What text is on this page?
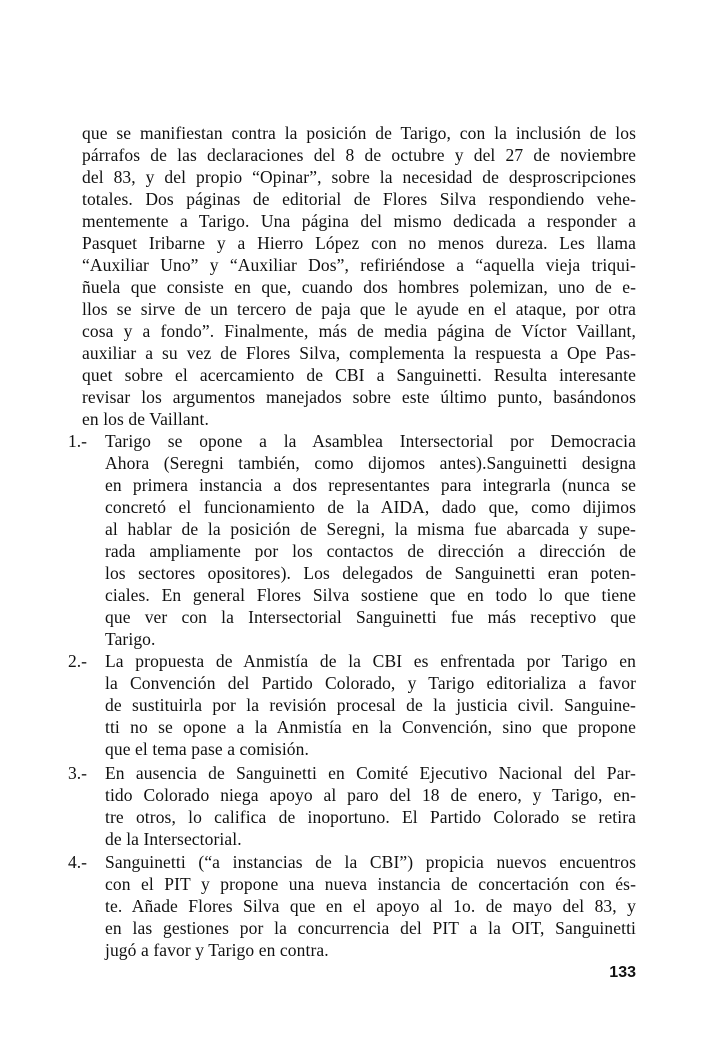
que se manifiestan contra la posición de Tarigo, con la inclusión de los
párrafos de las declaraciones del 8 de octubre y del 27 de noviembre
del 83, y del propio “Opinar”, sobre la necesidad de desproscripciones
totales. Dos páginas de editorial de Flores Silva respondiendo vehe-
mentemente a Tarigo. Una página del mismo dedicada a responder a
Pasquet Iribarne y a Hierro López con no menos dureza. Les llama
“Auxiliar Uno” y “Auxiliar Dos”, refiriéndose a “aquella vieja triqui-
ñuela que consiste en que, cuando dos hombres polemizan, uno de e-
llos se sirve de un tercero de paja que le ayude en el ataque, por otra
cosa y a fondo”. Finalmente, más de media página de Víctor Vaillant,
auxiliar a su vez de Flores Silva, complementa la respuesta a Ope Pas-
quet sobre el acercamiento de CBI a Sanguinetti. Resulta interesante
revisar los argumentos manejados sobre este último punto, basándonos
en los de Vaillant.
1.- Tarigo se opone a la Asamblea Intersectorial por Democracia
Ahora (Seregni también, como dijomos antes).Sanguinetti designa
en primera instancia a dos representantes para integrarla (nunca se
concretó el funcionamiento de la AIDA, dado que, como dijimos
al hablar de la posición de Seregni, la misma fue abarcada y supe-
rada ampliamente por los contactos de dirección a dirección de
los sectores opositores). Los delegados de Sanguinetti eran poten-
ciales. En general Flores Silva sostiene que en todo lo que tiene
que ver con la Intersectorial Sanguinetti fue más receptivo que
Tarigo.
2.- La propuesta de Anmistía de la CBI es enfrentada por Tarigo en
la Convención del Partido Colorado, y Tarigo editorializa a favor
de sustituirla por la revisión procesal de la justicia civil. Sanguine-
tti no se opone a la Anmistía en la Convención, sino que propone
que el tema pase a comisión.
3.- En ausencia de Sanguinetti en Comité Ejecutivo Nacional del Par-
tido Colorado niega apoyo al paro del 18 de enero, y Tarigo, en-
tre otros, lo califica de inoportuno. El Partido Colorado se retira
de la Intersectorial.
4.- Sanguinetti (“a instancias de la CBI”) propicia nuevos encuentros
con el PIT y propone una nueva instancia de concertación con és-
te. Añade Flores Silva que en el apoyo al 1o. de mayo del 83, y
en las gestiones por la concurrencia del PIT a la OIT, Sanguinetti
jugó a favor y Tarigo en contra.
133
